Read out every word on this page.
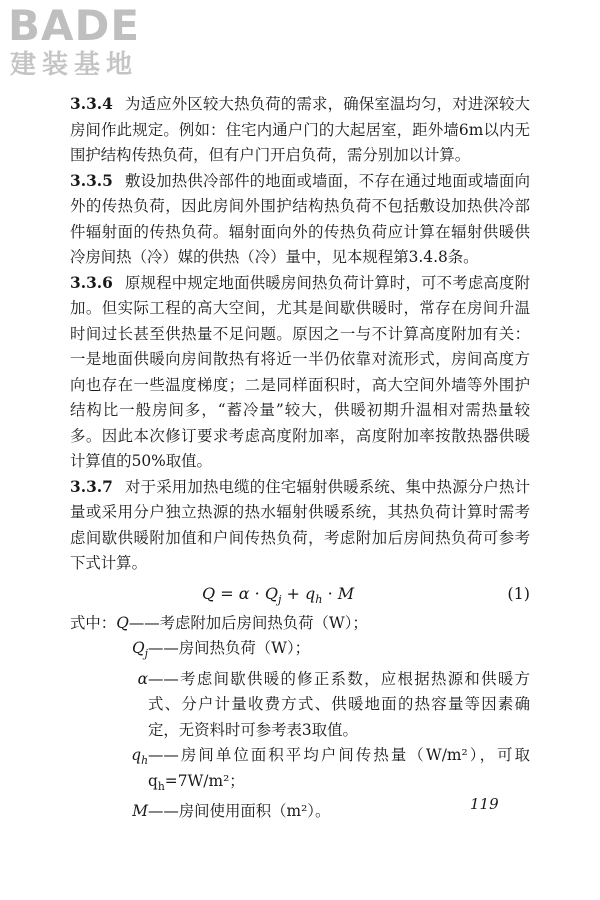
BADE
建装基地

3.3.4 为适应外区较大热负荷的需求，确保室温均匀，对进深较大房间作此规定。例如：住宅内通户门的大起居室，距外墙6m以内无围护结构传热负荷，但有户门开启负荷，需分别加以计算。

3.3.5 敷设加热供冷部件的地面或墙面，不存在通过地面或墙面向外的传热负荷，因此房间外围护结构热负荷不包括敷设加热供冷部件辐射面的传热负荷。辐射面向外的传热负荷应计算在辐射供暖供冷房间热（冷）媒的供热（冷）量中，见本规程第3.4.8条。

3.3.6 原规程中规定地面供暖房间热负荷计算时，可不考虑高度附加。但实际工程的高大空间，尤其是间歇供暖时，常存在房间升温时间过长甚至供热量不足问题。原因之一与不计算高度附加有关：一是地面供暖向房间散热有将近一半仍依靠对流形式，房间高度方向也存在一些温度梯度；二是同样面积时，高大空间外墙等外围护结构比一般房间多，“蓄冷量”较大，供暖初期升温相对需热量较多。因此本次修订要求考虑高度附加率，高度附加率按散热器供暖计算值的50%取值。

3.3.7 对于采用加热电缆的住宅辐射供暖系统、集中热源分户热计量或采用分户独立热源的热水辐射供暖系统，其热负荷计算时需考虑间歇供暖附加值和户间传热负荷，考虑附加后房间热负荷可参考下式计算。

$Q = \alpha \cdot Q_j + q_h \cdot M$	(1)
式中：Q ——考虑附加后房间热负荷（W）；
$Q_j$ ——房间热负荷（W）；
α ——考虑间歇供暖的修正系数，应根据热源和供暖方式、分户计量收费方式、供暖地面的热容量等因素确定，无资料时可参考表3取值。
$q_h$ ——房间单位面积平均户间传热量（W/m²），可取$q_h=7W/m^2$；
M ——房间使用面积（m²）。	119
